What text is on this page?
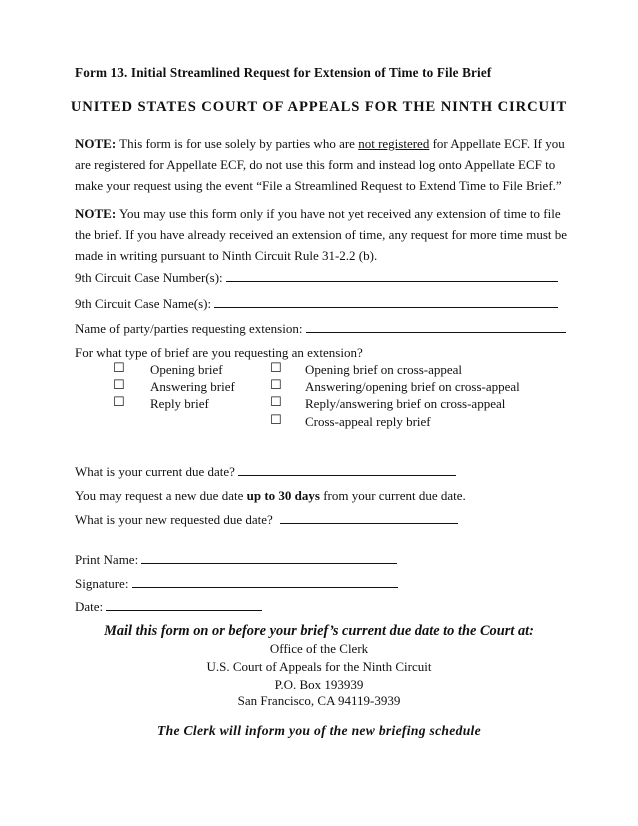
Form 13. Initial Streamlined Request for Extension of Time to File Brief
UNITED STATES COURT OF APPEALS FOR THE NINTH CIRCUIT
NOTE: This form is for use solely by parties who are not registered for Appellate ECF. If you are registered for Appellate ECF, do not use this form and instead log onto Appellate ECF to make your request using the event “File a Streamlined Request to Extend Time to File Brief.”
NOTE: You may use this form only if you have not yet received any extension of time to file the brief. If you have already received an extension of time, any request for more time must be made in writing pursuant to Ninth Circuit Rule 31-2.2 (b).
9th Circuit Case Number(s):
9th Circuit Case Name(s):
Name of party/parties requesting extension:
For what type of brief are you requesting an extension?
☐ Opening brief
☐ Answering brief
☐ Reply brief
☐ Opening brief on cross-appeal
☐ Answering/opening brief on cross-appeal
☐ Reply/answering brief on cross-appeal
☐ Cross-appeal reply brief
What is your current due date?
You may request a new due date up to 30 days from your current due date.
What is your new requested due date?
Print Name:
Signature:
Date:
Mail this form on or before your brief’s current due date to the Court at:
Office of the Clerk
U.S. Court of Appeals for the Ninth Circuit
P.O. Box 193939
San Francisco, CA 94119-3939
The Clerk will inform you of the new briefing schedule
